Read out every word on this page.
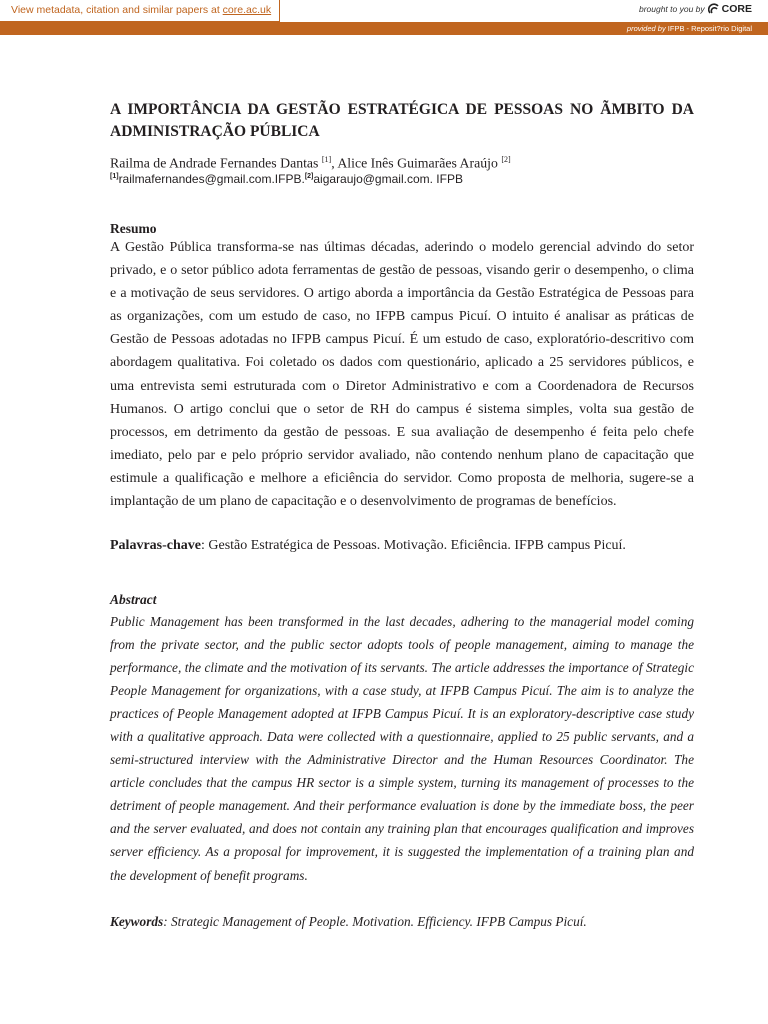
View metadata, citation and similar papers at core.ac.uk	brought to you by CORE
provided by IFPB - Reposit?rio Digital
A IMPORTÂNCIA DA GESTÃO ESTRATÉGICA DE PESSOAS NO ÃMBITO DA ADMINISTRAÇÃO PÚBLICA
Railma de Andrade Fernandes Dantas [1], Alice Inês Guimarães Araújo [2]
[1]railmafernandes@gmail.com.IFPB.[2]aigaraujo@gmail.com. IFPB
Resumo

A Gestão Pública transforma-se nas últimas décadas, aderindo o modelo gerencial advindo do setor privado, e o setor público adota ferramentas de gestão de pessoas, visando gerir o desempenho, o clima e a motivação de seus servidores. O artigo aborda a importância da Gestão Estratégica de Pessoas para as organizações, com um estudo de caso, no IFPB campus Picuí. O intuito é analisar as práticas de Gestão de Pessoas adotadas no IFPB campus Picuí. É um estudo de caso, exploratório-descritivo com abordagem qualitativa. Foi coletado os dados com questionário, aplicado a 25 servidores públicos, e uma entrevista semi estruturada com o Diretor Administrativo e com a Coordenadora de Recursos Humanos. O artigo conclui que o setor de RH do campus é sistema simples, volta sua gestão de processos, em detrimento da gestão de pessoas. E sua avaliação de desempenho é feita pelo chefe imediato, pelo par e pelo próprio servidor avaliado, não contendo nenhum plano de capacitação que estimule a qualificação e melhore a eficiência do servidor. Como proposta de melhoria, sugere-se a implantação de um plano de capacitação e o desenvolvimento de programas de benefícios.

Palavras-chave: Gestão Estratégica de Pessoas. Motivação. Eficiência. IFPB campus Picuí.

Abstract

Public Management has been transformed in the last decades, adhering to the managerial model coming from the private sector, and the public sector adopts tools of people management, aiming to manage the performance, the climate and the motivation of its servants. The article addresses the importance of Strategic People Management for organizations, with a case study, at IFPB Campus Picuí. The aim is to analyze the practices of People Management adopted at IFPB Campus Picuí. It is an exploratory-descriptive case study with a qualitative approach. Data were collected with a questionnaire, applied to 25 public servants, and a semi-structured interview with the Administrative Director and the Human Resources Coordinator. The article concludes that the campus HR sector is a simple system, turning its management of processes to the detriment of people management. And their performance evaluation is done by the immediate boss, the peer and the server evaluated, and does not contain any training plan that encourages qualification and improves server efficiency. As a proposal for improvement, it is suggested the implementation of a training plan and the development of benefit programs.

Keywords: Strategic Management of People. Motivation. Efficiency. IFPB Campus Picuí.
